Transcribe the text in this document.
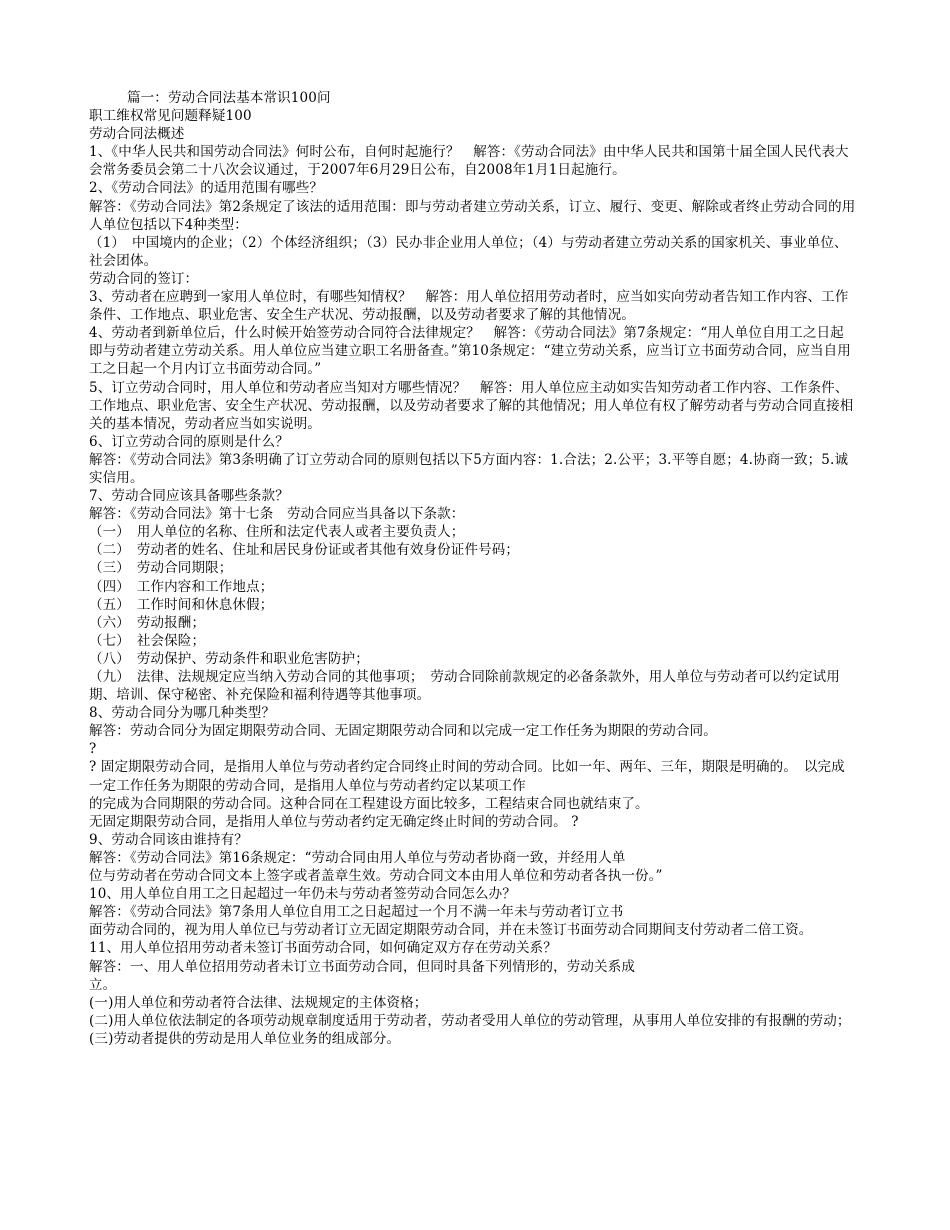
篇一：劳动合同法基本常识100问
职工维权常见问题释疑100
劳动合同法概述
1、《中华人民共和国劳动合同法》何时公布，自何时起施行？　解答：《劳动合同法》由中华人民共和国第十届全国人民代表大会常务委员会第二十八次会议通过，于2007年6月29日公布，自2008年1月1日起施行。
2、《劳动合同法》的适用范围有哪些？
解答：《劳动合同法》第2条规定了该法的适用范围：即与劳动者建立劳动关系，订立、履行、变更、解除或者终止劳动合同的用人单位包括以下4种类型：
（1）　中国境内的企业；（2）个体经济组织；（3）民办非企业用人单位；（4）与劳动者建立劳动关系的国家机关、事业单位、社会团体。
劳动合同的签订：
3、劳动者在应聘到一家用人单位时，有哪些知情权？　解答：用人单位招用劳动者时，应当如实向劳动者告知工作内容、工作条件、工作地点、职业危害、安全生产状况、劳动报酬，以及劳动者要求了解的其他情况。
4、劳动者到新单位后，什么时候开始签劳动合同符合法律规定？　解答：《劳动合同法》第7条规定：“用人单位自用工之日起即与劳动者建立劳动关系。用人单位应当建立职工名册备查。”第10条规定：“建立劳动关系，应当订立书面劳动合同，应当自用工之日起一个月内订立书面劳动合同。”
5、订立劳动合同时，用人单位和劳动者应当知对方哪些情况？　解答：用人单位应主动如实告知劳动者工作内容、工作条件、工作地点、职业危害、安全生产状况、劳动报酬，以及劳动者要求了解的其他情况；用人单位有权了解劳动者与劳动合同直接相关的基本情况，劳动者应当如实说明。
6、订立劳动合同的原则是什么？
解答：《劳动合同法》第3条明确了订立劳动合同的原则包括以下5方面内容：1.合法；2.公平；3.平等自愿；4.协商一致；5.诚实信用。
7、劳动合同应该具备哪些条款？
解答：《劳动合同法》第十七条　劳动合同应当具备以下条款：
（一）　用人单位的名称、住所和法定代表人或者主要负责人；
（二）　劳动者的姓名、住址和居民身份证或者其他有效身份证件号码；
（三）　劳动合同期限；
（四）　工作内容和工作地点；
（五）　工作时间和休息休假；
（六）　劳动报酬；
（七）　社会保险；
（八）　劳动保护、劳动条件和职业危害防护；
（九）　法律、法规规定应当纳入劳动合同的其他事项；　劳动合同除前款规定的必备条款外，用人单位与劳动者可以约定试用期、培训、保守秘密、补充保险和福利待遇等其他事项。
8、劳动合同分为哪几种类型？
解答：劳动合同分为固定期限劳动合同、无固定期限劳动合同和以完成一定工作任务为期限的劳动合同。
?
? 固定期限劳动合同，是指用人单位与劳动者约定合同终止时间的劳动合同。比如一年、两年、三年，期限是明确的。　以完成一定工作任务为期限的劳动合同，是指用人单位与劳动者约定以某项工作
的完成为合同期限的劳动合同。这种合同在工程建设方面比较多，工程结束合同也就结束了。
无固定期限劳动合同，是指用人单位与劳动者约定无确定终止时间的劳动合同。 ?
9、劳动合同该由谁持有？
解答：《劳动合同法》第16条规定：“劳动合同由用人单位与劳动者协商一致，并经用人单
位与劳动者在劳动合同文本上签字或者盖章生效。劳动合同文本由用人单位和劳动者各执一份。”
10、用人单位自用工之日起超过一年仍未与劳动者签劳动合同怎么办？
解答：《劳动合同法》第7条用人单位自用工之日起超过一个月不满一年未与劳动者订立书
面劳动合同的，视为用人单位已与劳动者订立无固定期限劳动合同，并在未签订书面劳动合同期间支付劳动者二倍工资。
11、用人单位招用劳动者未签订书面劳动合同，如何确定双方存在劳动关系？
解答：一、用人单位招用劳动者未订立书面劳动合同，但同时具备下列情形的，劳动关系成
立。
(一)用人单位和劳动者符合法律、法规规定的主体资格；
(二)用人单位依法制定的各项劳动规章制度适用于劳动者，劳动者受用人单位的劳动管理，从事用人单位安排的有报酬的劳动；
(三)劳动者提供的劳动是用人单位业务的组成部分。
